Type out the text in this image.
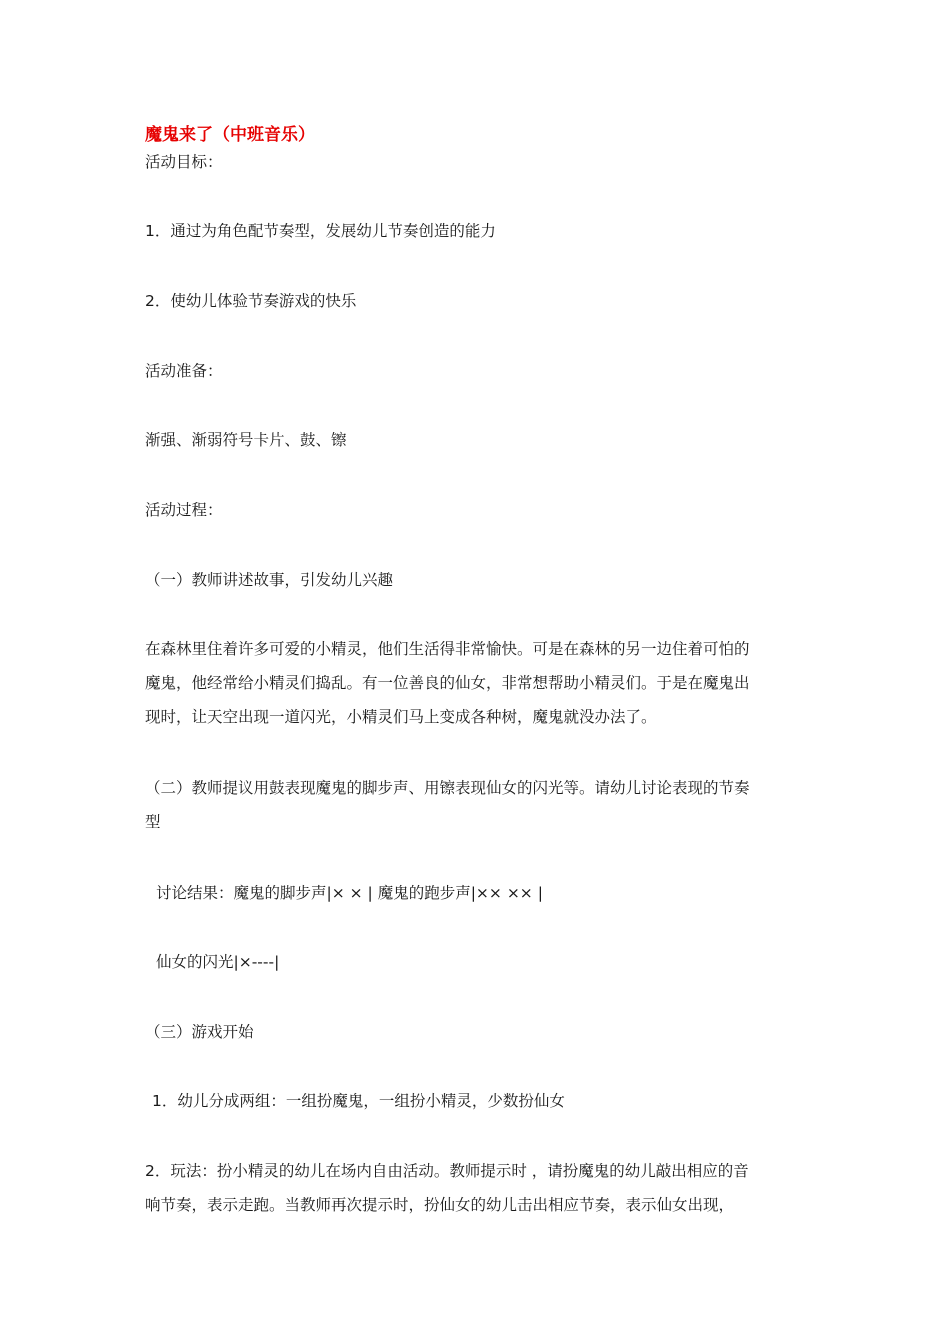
魔鬼来了（中班音乐）
活动目标：
1．通过为角色配节奏型，发展幼儿节奏创造的能力
2．使幼儿体验节奏游戏的快乐
活动准备：
渐强、渐弱符号卡片、鼓、镲
活动过程：
（一）教师讲述故事，引发幼儿兴趣
在森林里住着许多可爱的小精灵，他们生活得非常愉快。可是在森林的另一边住着可怕的
魔鬼，他经常给小精灵们捣乱。有一位善良的仙女，非常想帮助小精灵们。于是在魔鬼出
现时，让天空出现一道闪光，小精灵们马上变成各种树，魔鬼就没办法了。
（二）教师提议用鼓表现魔鬼的脚步声、用镲表现仙女的闪光等。请幼儿讨论表现的节奏
型
讨论结果：魔鬼的脚步声|× × | 魔鬼的跑步声|×× ×× |
仙女的闪光|×----|
（三）游戏开始
1．幼儿分成两组：一组扮魔鬼，一组扮小精灵，少数扮仙女
2．玩法：扮小精灵的幼儿在场内自由活动。教师提示时 ，请扮魔鬼的幼儿敲出相应的音
响节奏，表示走跑。当教师再次提示时，扮仙女的幼儿击出相应节奏，表示仙女出现，
